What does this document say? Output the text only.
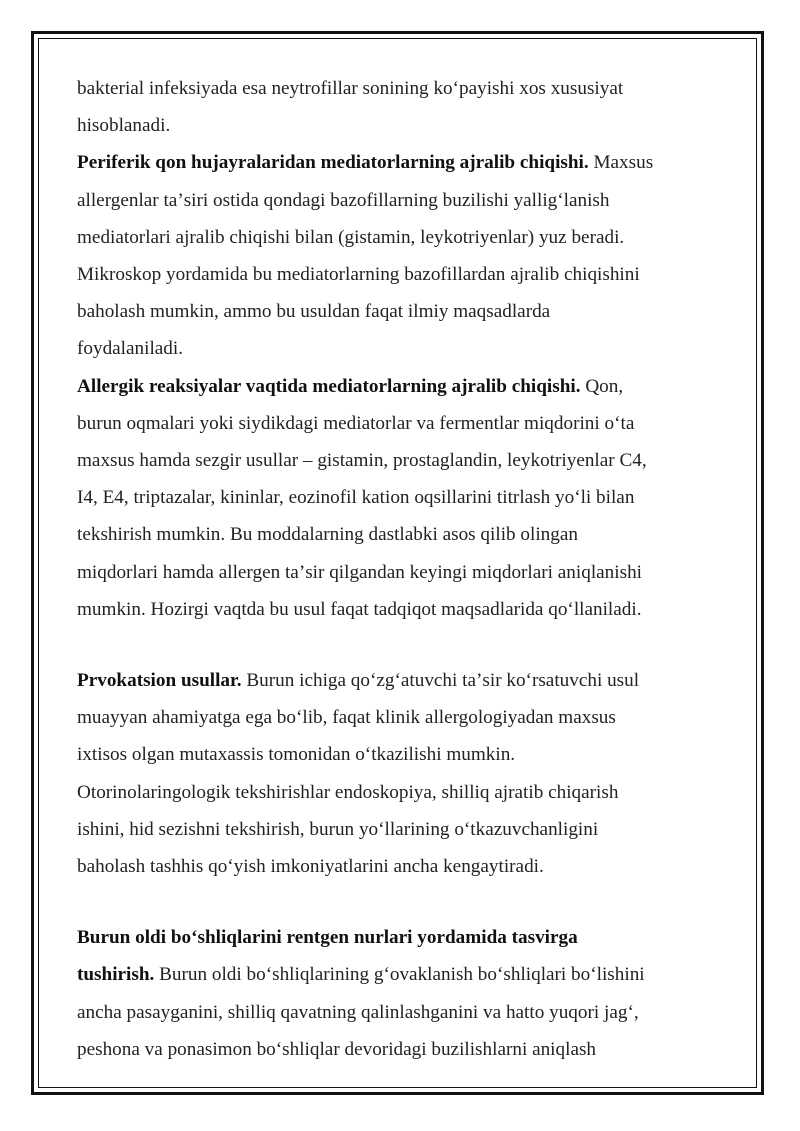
bakterial infeksiyada esa neytrofillar sonining koʻpayishi xos xususiyat
hisoblanadi.

Periferik qon hujayralaridan mediatorlarning ajralib chiqishi. Maxsus
allergenlar taʼsiri ostida qondagi bazofillarning buzilishi yalligʻlanish
mediatorlari ajralib chiqishi bilan (gistamin, leykotriyenlar) yuz beradi.
Mikroskop yordamida bu mediatorlarning bazofillardan ajralib chiqishini
baholash mumkin, ammo bu usuldan faqat ilmiy maqsadlarda
foydalaniladi.

Allergik reaksiyalar vaqtida mediatorlarning ajralib chiqishi. Qon,
burun oqmalari yoki siydikdagi mediatorlar va fermentlar miqdorini oʻta
maxsus hamda sezgir usullar – gistamin, prostaglandin, leykotriyenlar C4,
I4, E4, triptazalar, kininlar, eozinofil kation oqsillarini titrlash yoʻli bilan
tekshirish mumkin. Bu moddalarning dastlabki asos qilib olingan
miqdorlari hamda allergen taʼsir qilgandan keyingi miqdorlari aniqlanishi
mumkin. Hozirgi vaqtda bu usul faqat tadqiqot maqsadlarida qoʻllaniladi.

Prvokatsion usullar. Burun ichiga qoʻzgʻatuvchi taʼsir koʻrsatuvchi usul
muayyan ahamiyatga ega boʻlib, faqat klinik allergologiyadan maxsus
ixtisos olgan mutaxassis tomonidan oʻtkazilishi mumkin.
Otorinolaringologik tekshirishlar endoskopiya, shilliq ajratib chiqarish
ishini, hid sezishni tekshirish, burun yoʻllarining oʻtkazuvchanligini
baholash tashhis qoʻyish imkoniyatlarini ancha kengaytiradi.

Burun oldi boʻshliqlarini rentgen nurlari yordamida tasvirga
tushirish. Burun oldi boʻshliqlarining gʻovaklanish boʻshliqlari boʻlishini
ancha pasayganini, shilliq qavatning qalinlashganini va hatto yuqori jagʻ,
peshona va ponasimon boʻshliqlar devoridagi buzilishlarni aniqlash
